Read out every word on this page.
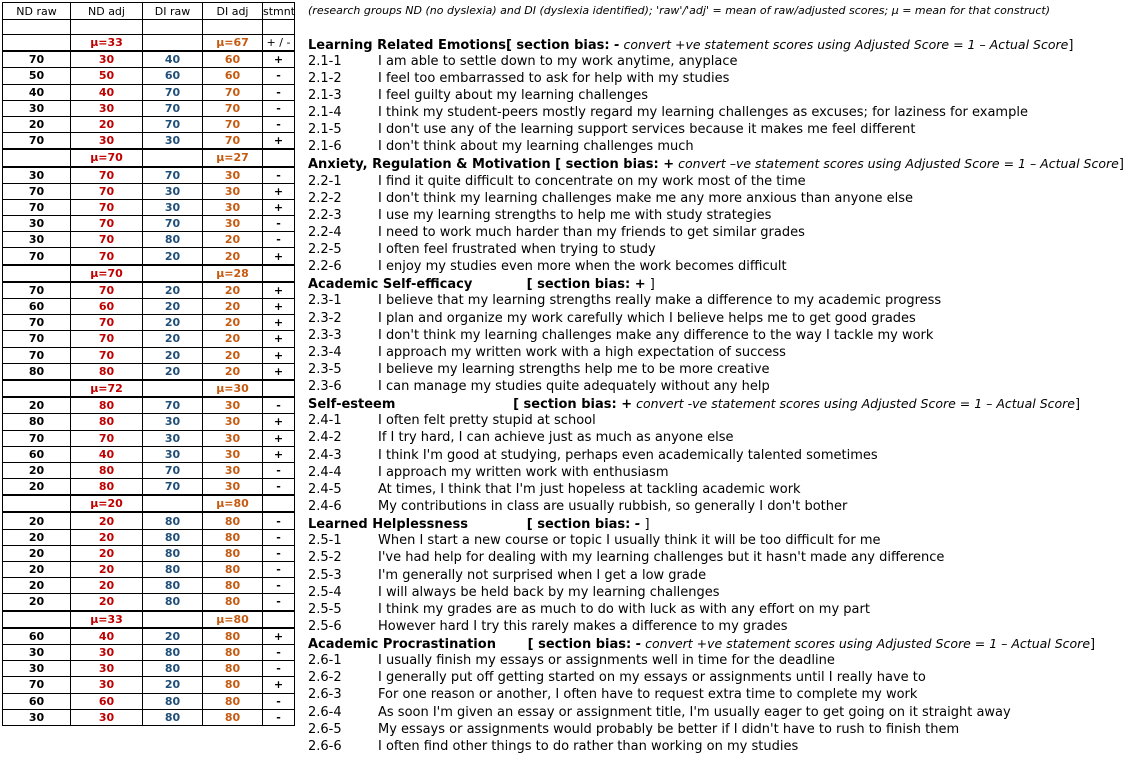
ND raw	ND adj	DI raw	DI adj	stmnt

	μ=33		μ=67	+ / -
70	30	40	60	+
50	50	60	60	-
40	40	70	70	-
30	30	70	70	-
20	20	70	70	-
70	30	30	70	+
	μ=70		μ=27	
30	70	70	30	-
70	70	30	30	+
70	70	30	30	+
30	70	70	30	-
30	70	80	20	-
70	70	20	20	+
	μ=70		μ=28	
70	70	20	20	+
60	60	20	20	+
70	70	20	20	+
70	70	20	20	+
70	70	20	20	+
80	80	20	20	+
	μ=72		μ=30	
20	80	70	30	-
80	80	30	30	+
70	70	30	30	+
60	40	30	30	+
20	80	70	30	-
20	80	70	30	-
	μ=20		μ=80	
20	20	80	80	-
20	20	80	80	-
20	20	80	80	-
20	20	80	80	-
20	20	80	80	-
20	20	80	80	-
	μ=33		μ=80	
60	40	20	80	+
30	30	80	80	-
30	30	80	80	-
70	30	20	80	+
60	60	80	80	-
30	30	80	80	-
(research groups ND (no dyslexia) and DI (dyslexia identified); 'raw'/'adj' = mean of raw/adjusted scores; μ = mean for that construct)
Learning Related Emotions[ section bias: - convert +ve statement scores using Adjusted Score = 1 – Actual Score]
2.1-1	I am able to settle down to my work anytime, anyplace
2.1-2	I feel too embarrassed to ask for help with my studies
2.1-3	I feel guilty about my learning challenges
2.1-4	I think my student-peers mostly regard my learning challenges as excuses; for laziness for example
2.1-5	I don't use any of the learning support services because it makes me feel different
2.1-6	I don't think about my learning challenges much
Anxiety, Regulation & Motivation [ section bias: + convert –ve statement scores using Adjusted Score = 1 – Actual Score]
2.2-1	I find it quite difficult to concentrate on my work most of the time
2.2-2	I don't think my learning challenges make me any more anxious than anyone else
2.2-3	I use my learning strengths to help me with study strategies
2.2-4	I need to work much harder than my friends to get similar grades
2.2-5	I often feel frustrated when trying to study
2.2-6	I enjoy my studies even more when the work becomes difficult
Academic Self-efficacy            [ section bias: + ]
2.3-1	I believe that my learning strengths really make a difference to my academic progress
2.3-2	I plan and organize my work carefully which I believe helps me to get good grades
2.3-3	I don't think my learning challenges make any difference to the way I tackle my work
2.3-4	I approach my written work with a high expectation of success
2.3-5	I believe my learning strengths help me to be more creative
2.3-6	I can manage my studies quite adequately without any help
Self-esteem                          [ section bias: + convert -ve statement scores using Adjusted Score = 1 – Actual Score]
2.4-1	I often felt pretty stupid at school
2.4-2	If I try hard, I can achieve just as much as anyone else
2.4-3	I think I'm good at studying, perhaps even academically talented sometimes
2.4-4	I approach my written work with enthusiasm
2.4-5	At times, I think that I'm just hopeless at tackling academic work
2.4-6	My contributions in class are usually rubbish, so generally I don't bother
Learned Helplessness             [ section bias: - ]
2.5-1	When I start a new course or topic I usually think it will be too difficult for me
2.5-2	I've had help for dealing with my learning challenges but it hasn't made any difference
2.5-3	I'm generally not surprised when I get a low grade
2.5-4	I will always be held back by my learning challenges
2.5-5	I think my grades are as much to do with luck as with any effort on my part
2.5-6	However hard I try this rarely makes a difference to my grades
Academic Procrastination       [ section bias: - convert +ve statement scores using Adjusted Score = 1 – Actual Score]
2.6-1	I usually finish my essays or assignments well in time for the deadline
2.6-2	I generally put off getting started on my essays or assignments until I really have to
2.6-3	For one reason or another, I often have to request extra time to complete my work
2.6-4	As soon I'm given an essay or assignment title, I'm usually eager to get going on it straight away
2.6-5	My essays or assignments would probably be better if I didn't have to rush to finish them
2.6-6	I often find other things to do rather than working on my studies
